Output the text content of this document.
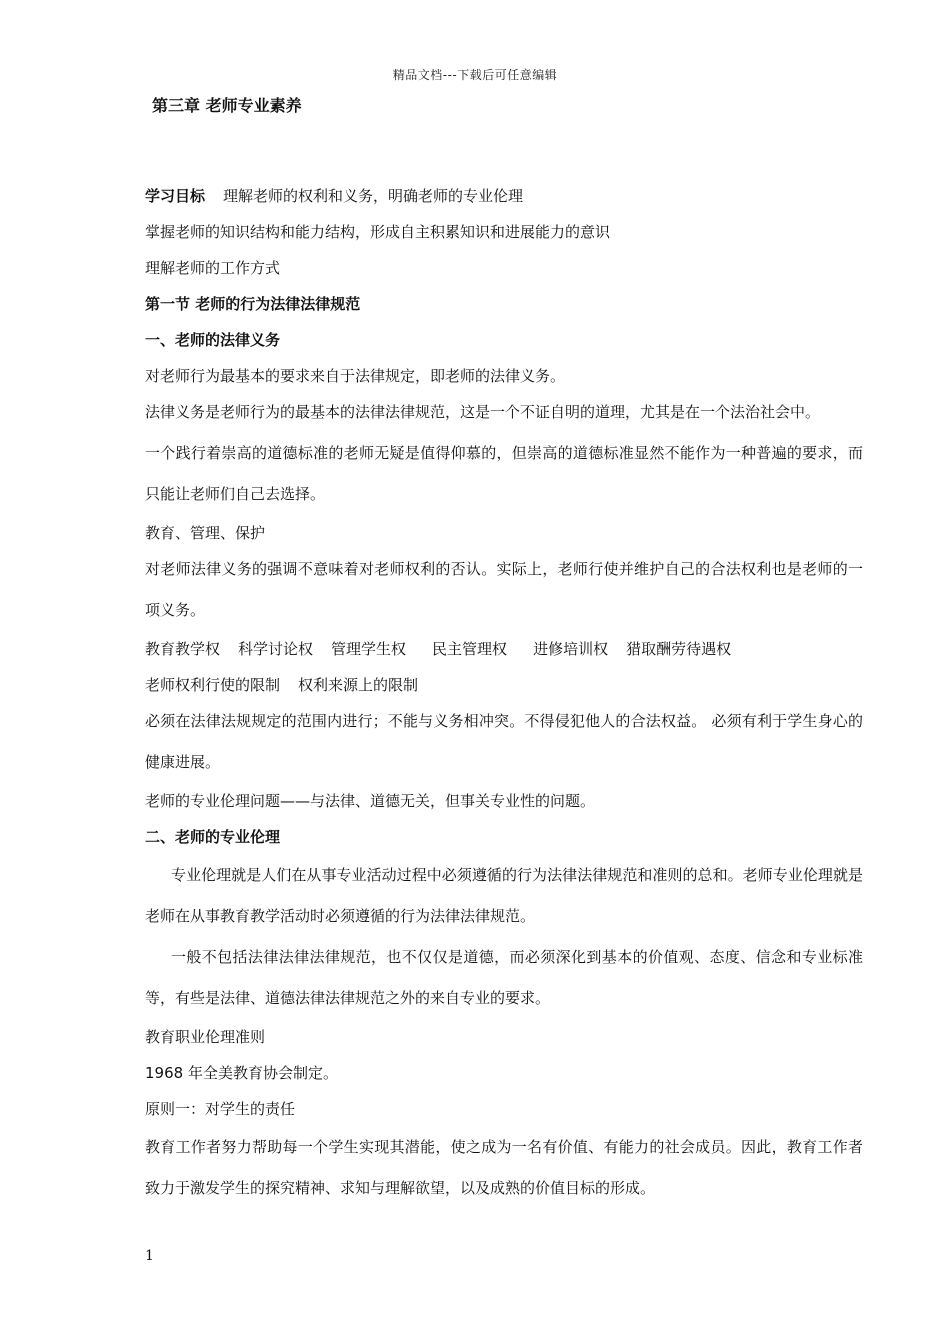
精品文档---下载后可任意编辑
第三章 老师专业素养
学习目标 理解老师的权利和义务，明确老师的专业伦理
掌握老师的知识结构和能力结构，形成自主积累知识和进展能力的意识
理解老师的工作方式
第一节 老师的行为法律法律规范
一、老师的法律义务
对老师行为最基本的要求来自于法律规定，即老师的法律义务。
法律义务是老师行为的最基本的法律法律规范，这是一个不证自明的道理，尤其是在一个法治社会中。
一个践行着崇高的道德标准的老师无疑是值得仰慕的，但崇高的道德标准显然不能作为一种普遍的要求，而只能让老师们自己去选择。
教育、管理、保护
对老师法律义务的强调不意味着对老师权利的否认。实际上，老师行使并维护自己的合法权利也是老师的一项义务。
教育教学权 科学讨论权 管理学生权 民主管理权 进修培训权 猎取酬劳待遇权
老师权利行使的限制 权利来源上的限制
必须在法律法规规定的范围内进行；不能与义务相冲突。不得侵犯他人的合法权益。 必须有利于学生身心的健康进展。
老师的专业伦理问题——与法律、道德无关，但事关专业性的问题。
二、老师的专业伦理
专业伦理就是人们在从事专业活动过程中必须遵循的行为法律法律规范和准则的总和。老师专业伦理就是老师在从事教育教学活动时必须遵循的行为法律法律规范。
一般不包括法律法律法律规范，也不仅仅是道德，而必须深化到基本的价值观、态度、信念和专业标准等，有些是法律、道德法律法律规范之外的来自专业的要求。
教育职业伦理准则
1968 年全美教育协会制定。
原则一：对学生的责任
教育工作者努力帮助每一个学生实现其潜能，使之成为一名有价值、有能力的社会成员。因此，教育工作者致力于激发学生的探究精神、求知与理解欲望，以及成熟的价值目标的形成。
1
